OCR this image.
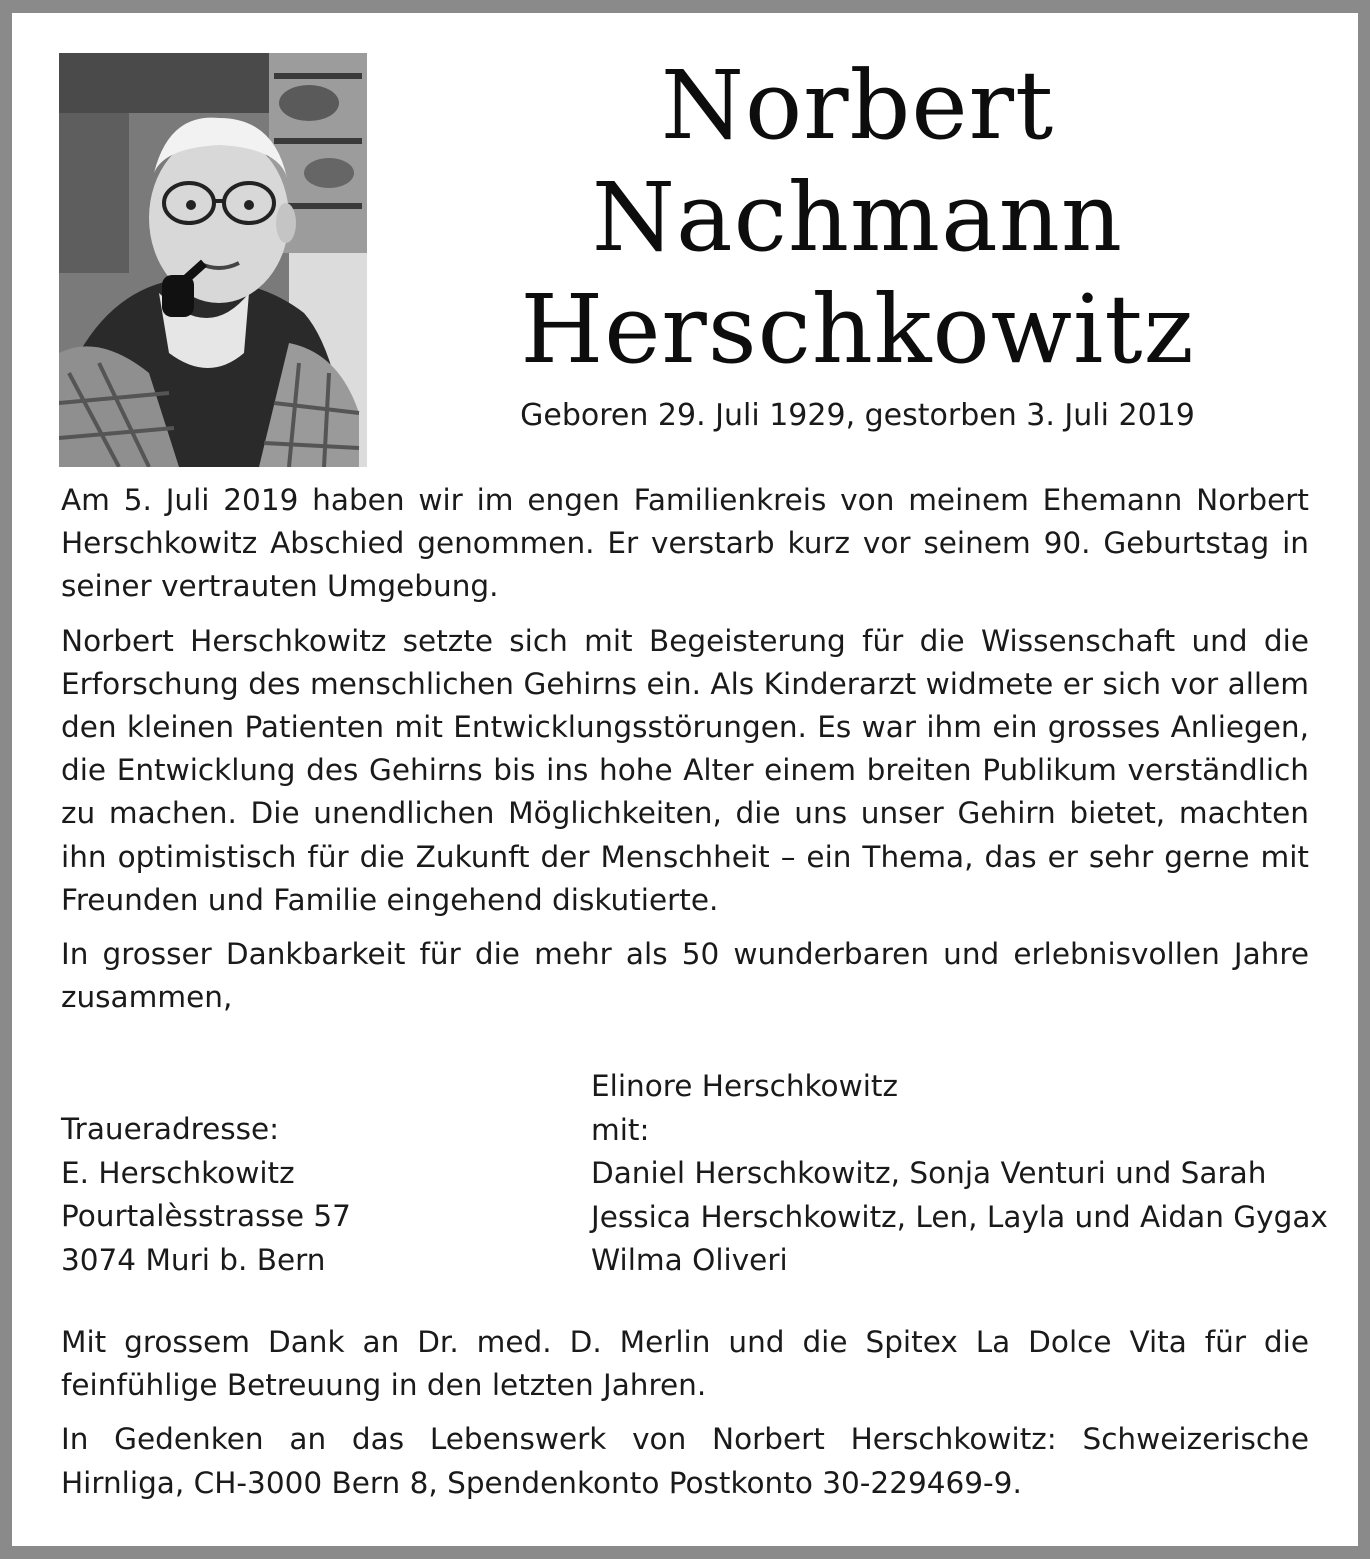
Norbert
Nachmann
Herschkowitz
Geboren 29. Juli 1929, gestorben 3. Juli 2019

Am 5. Juli 2019 haben wir im engen Familienkreis von meinem Ehemann Norbert Herschkowitz Abschied genommen. Er verstarb kurz vor seinem 90. Geburtstag in seiner vertrauten Umgebung.

Norbert Herschkowitz setzte sich mit Begeisterung für die Wissenschaft und die Erforschung des menschlichen Gehirns ein. Als Kinderarzt widmete er sich vor allem den kleinen Patienten mit Entwicklungsstörungen. Es war ihm ein grosses Anliegen, die Entwicklung des Gehirns bis ins hohe Alter einem breiten Publikum verständlich zu machen. Die unendlichen Möglichkeiten, die uns unser Gehirn bietet, machten ihn optimistisch für die Zukunft der Menschheit – ein Thema, das er sehr gerne mit Freunden und Familie eingehend diskutierte.

In grosser Dankbarkeit für die mehr als 50 wunderbaren und erlebnisvollen Jahre zusammen,

Elinore Herschkowitz
mit:
Daniel Herschkowitz, Sonja Venturi und Sarah
Jessica Herschkowitz, Len, Layla und Aidan Gygax
Wilma Oliveri
Traueradresse:
E. Herschkowitz
Pourtalèsstrasse 57
3074 Muri b. Bern

Mit grossem Dank an Dr. med. D. Merlin und die Spitex La Dolce Vita für die feinfühlige Betreuung in den letzten Jahren.

In Gedenken an das Lebenswerk von Norbert Herschkowitz: Schweizerische Hirnliga, CH-3000 Bern 8, Spendenkonto Postkonto 30-229469-9.
